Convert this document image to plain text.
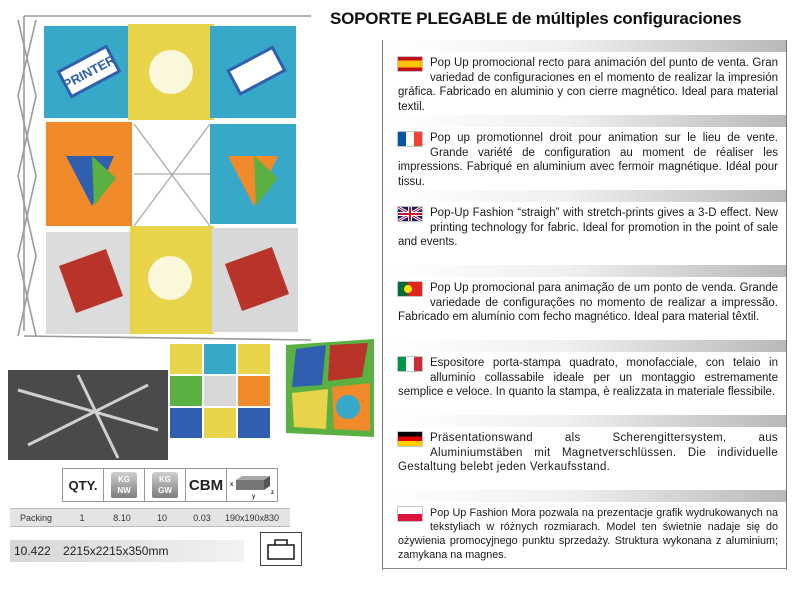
SOPORTE PLEGABLE de múltiples configuraciones
PRINTER	Pop Up promocional recto para animación del punto de venta. Gran variedad de configuraciones en el momento de realizar la impresión gráfica. Fabricado en aluminio y con cierre magnético. Ideal para material textil.
Pop up promotionnel droit pour animation sur le lieu de vente. Grande variété de configuration au moment de réaliser les impressions. Fabriqué en aluminium avec fermoir magnétique. Idéal pour tissu.
Pop-Up Fashion “straigh” with stretch-prints gives a 3-D effect. New printing technology for fabric. Ideal for promotion in the point of sale and events.
Pop Up promocional para animação de um ponto de venda. Grande variedade de configurações no momento de realizar a impressão. Fabricado em alumínio com fecho magnético. Ideal para material têxtil.
Espositore porta-stampa quadrato, monofacciale, con telaio in alluminio collassabile ideale per un montaggio estremamente semplice e veloce. In quanto la stampa, è realizzata in materiale flessibile.
Präsentationswand als Scherengittersystem, aus Aluminiumstäben mit Magnetverschlüssen. Die individuelle Gestaltung belebt jeden Verkaufsstand.
Pop Up Fashion Mora pozwala na prezentacje grafik wydrukowanych na tekstyliach w różnych rozmiarach. Model ten świetnie nadaje się do ożywienia promocyjnego punktu sprzedaży. Struktura wykonana z aluminium; zamykana na magnes.
QTY.	KG
NW
KG
GW	CBM	x
y
z
Packing	1	8.10	10	0.03	190x190x830
10.422 2215x2215x350mm
